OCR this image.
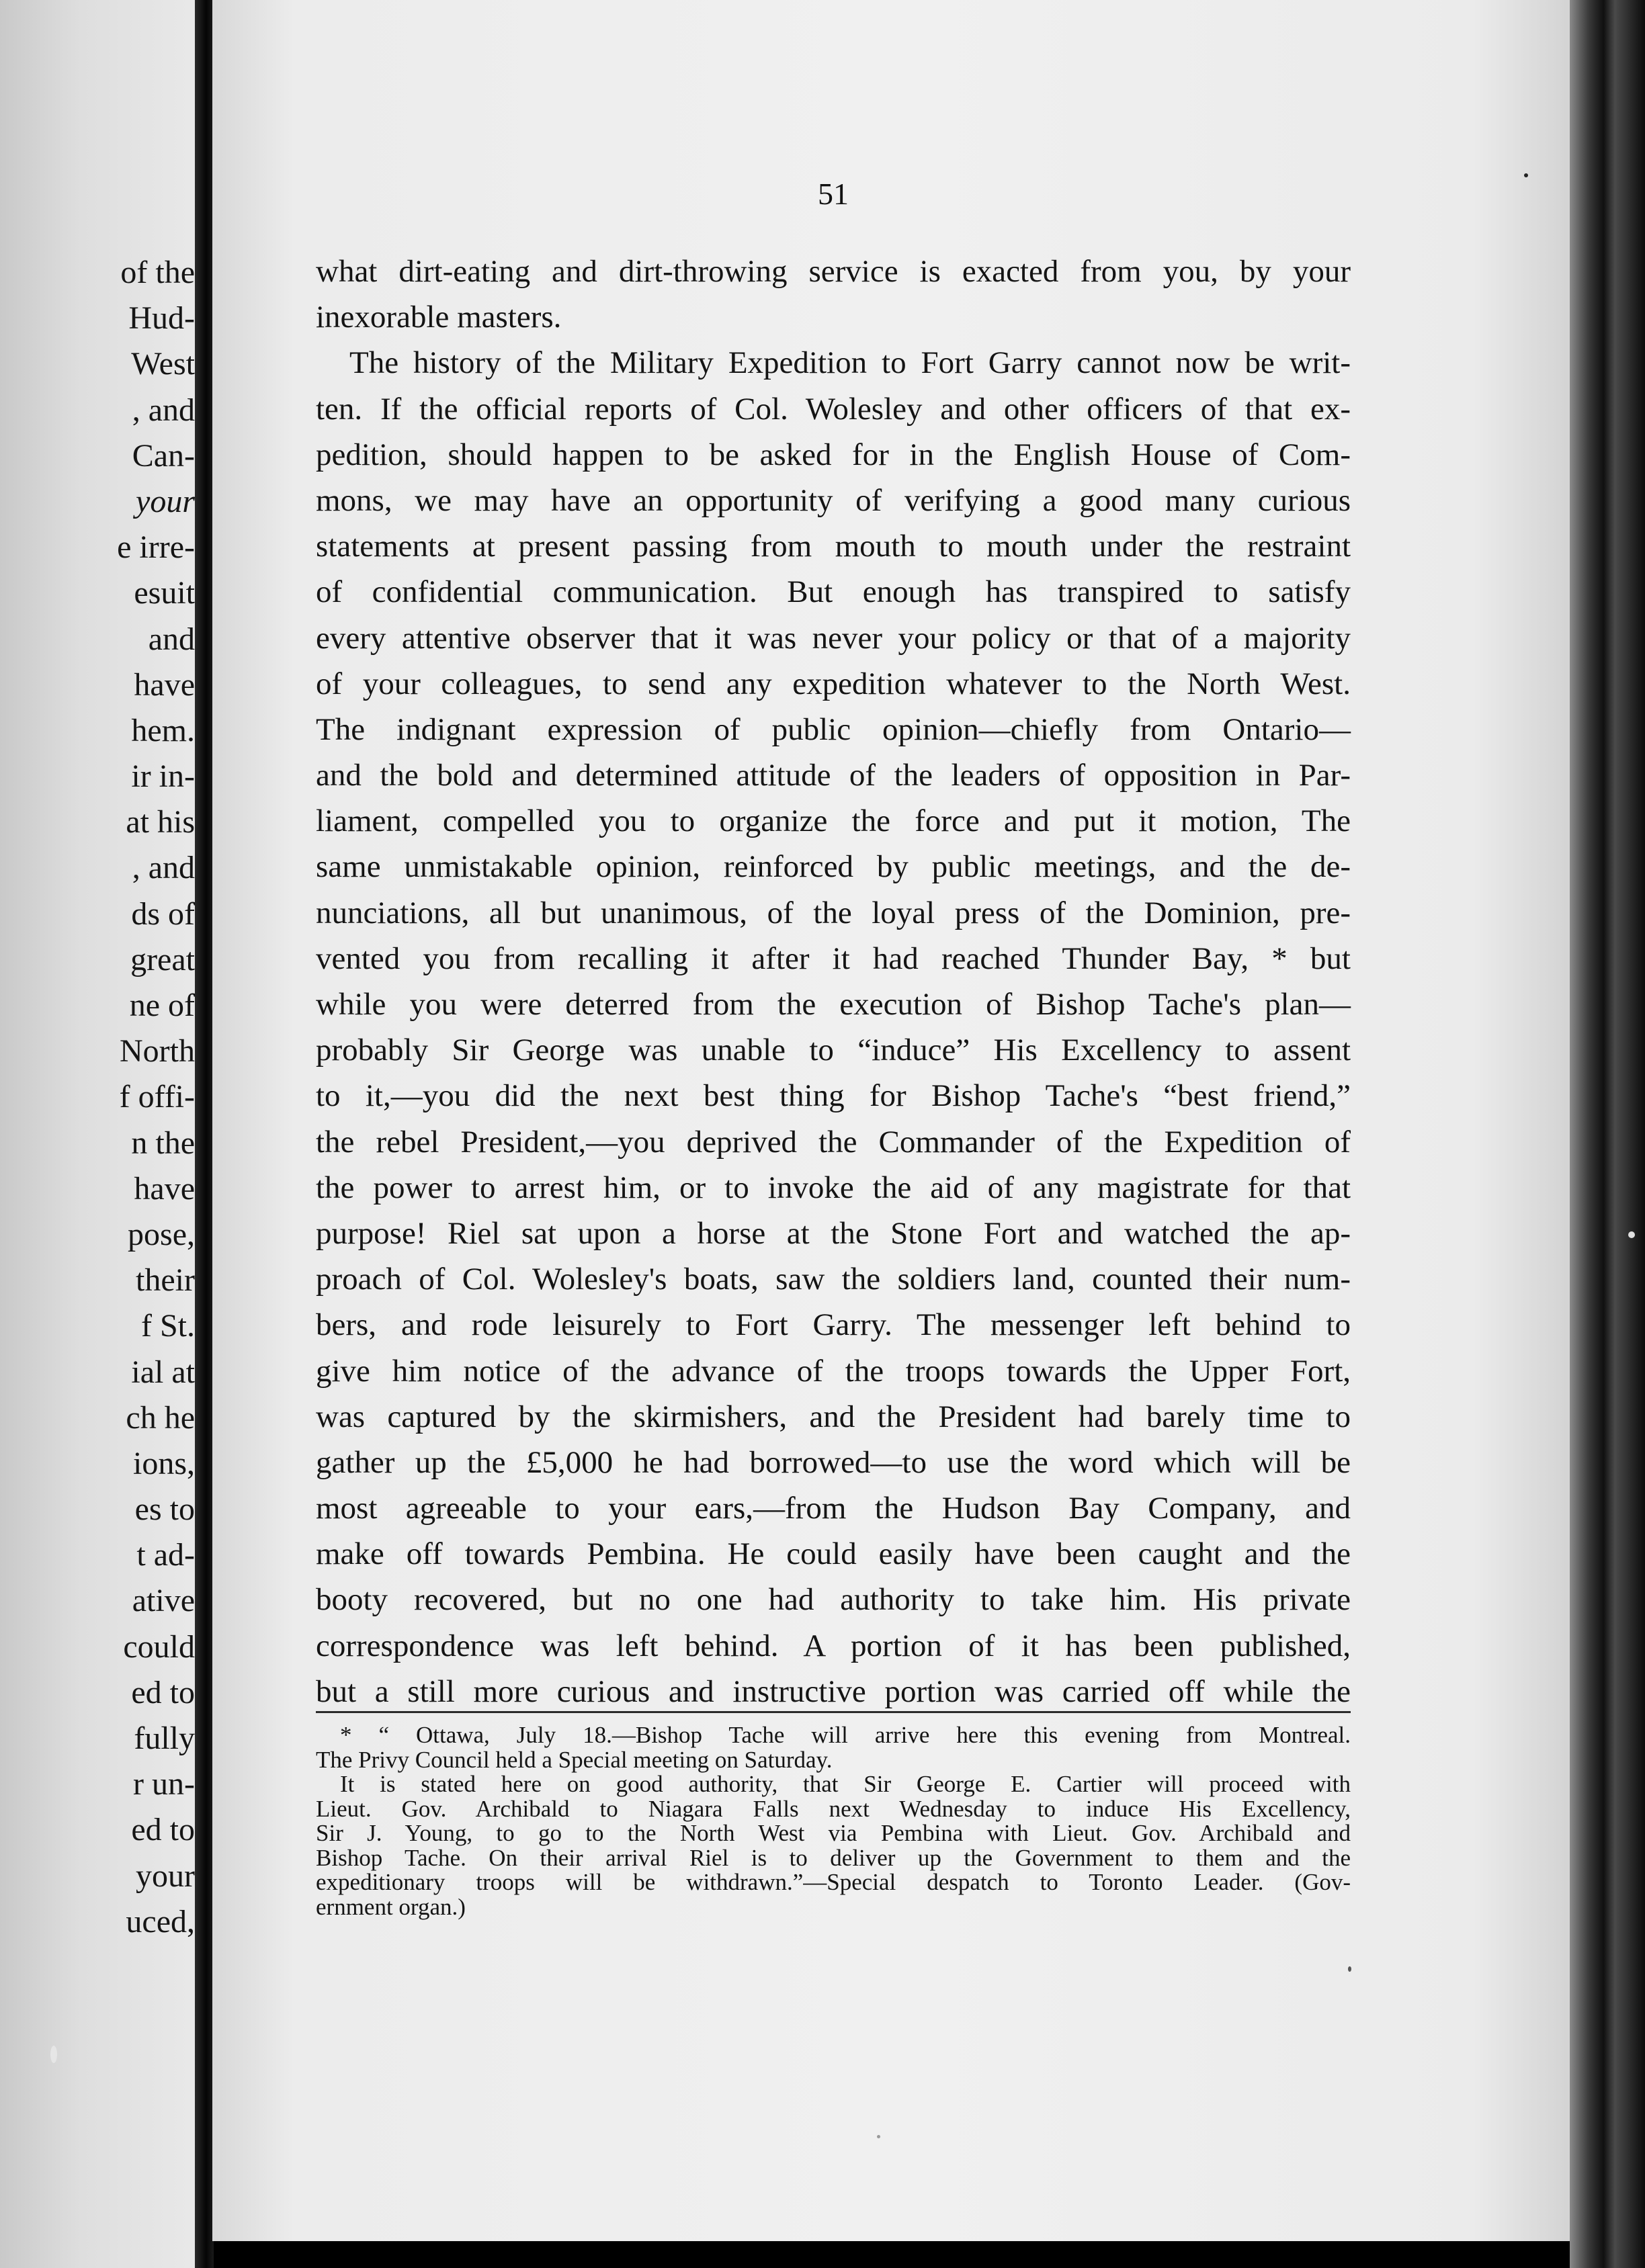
of the
Hud-
West
, and
Can-
your
e irre-
esuit
and
have
hem.
ir in-
at his
, and
ds of
great
ne of
North
f offi-
n the
have
pose,
their
f St.
ial at
ch he
ions,
es to
t ad-
ative
could
ed to
fully
r un-
ed to
your
uced,
51
what dirt-eating and dirt-throwing service is exacted from you, by your
inexorable masters.
The history of the Military Expedition to Fort Garry cannot now be writ-
ten. If the official reports of Col. Wolesley and other officers of that ex-
pedition, should happen to be asked for in the English House of Com-
mons, we may have an opportunity of verifying a good many curious
statements at present passing from mouth to mouth under the restraint
of confidential communication. But enough has transpired to satisfy
every attentive observer that it was never your policy or that of a majority
of your colleagues, to send any expedition whatever to the North West.
The indignant expression of public opinion—chiefly from Ontario—
and the bold and determined attitude of the leaders of opposition in Par-
liament, compelled you to organize the force and put it motion, The
same unmistakable opinion, reinforced by public meetings, and the de-
nunciations, all but unanimous, of the loyal press of the Dominion, pre-
vented you from recalling it after it had reached Thunder Bay, * but
while you were deterred from the execution of Bishop Tache's plan—
probably Sir George was unable to “induce” His Excellency to assent
to it,—you did the next best thing for Bishop Tache's “best friend,”
the rebel President,—you deprived the Commander of the Expedition of
the power to arrest him, or to invoke the aid of any magistrate for that
purpose! Riel sat upon a horse at the Stone Fort and watched the ap-
proach of Col. Wolesley's boats, saw the soldiers land, counted their num-
bers, and rode leisurely to Fort Garry. The messenger left behind to
give him notice of the advance of the troops towards the Upper Fort,
was captured by the skirmishers, and the President had barely time to
gather up the £5,000 he had borrowed—to use the word which will be
most agreeable to your ears,—from the Hudson Bay Company, and
make off towards Pembina. He could easily have been caught and the
booty recovered, but no one had authority to take him. His private
correspondence was left behind. A portion of it has been published,
but a still more curious and instructive portion was carried off while the
* “ Ottawa, July 18.—Bishop Tache will arrive here this evening from Montreal.
The Privy Council held a Special meeting on Saturday.
It is stated here on good authority, that Sir George E. Cartier will proceed with
Lieut. Gov. Archibald to Niagara Falls next Wednesday to induce His Excellency,
Sir J. Young, to go to the North West via Pembina with Lieut. Gov. Archibald and
Bishop Tache. On their arrival Riel is to deliver up the Government to them and the
expeditionary troops will be withdrawn.”—Special despatch to Toronto Leader. (Gov-
ernment organ.)
